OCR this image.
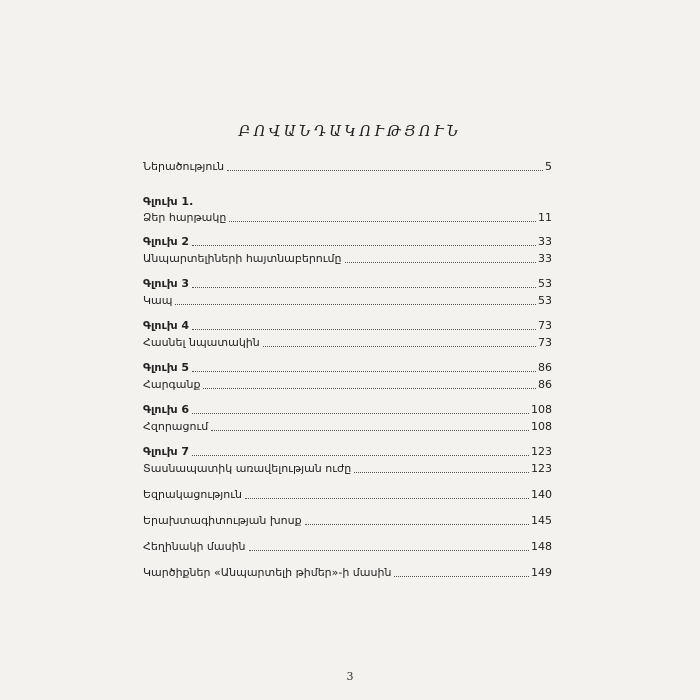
ԲՈՎԱՆԴԱԿՈՒԹՅՈՒՆ
Ներածություն	5
Գլուխ 1.
Ձեր հարթակը	11
Գլուխ 2	33
Անպարտելիների հայտնաբերումը	33
Գլուխ 3	53
Կապ	53
Գլուխ 4	73
Հասնել նպատակին	73
Գլուխ 5	86
Հարգանք	86
Գլուխ 6	108
Հզորացում	108
Գլուխ 7	123
Տասնապատիկ առավելության ուժը	123
Եզրակացություն	140
Երախտագիտության խոսք	145
Հեղինակի մասին	148
Կարծիքներ «Անպարտելի թիմեր»-ի մասին	149
3
